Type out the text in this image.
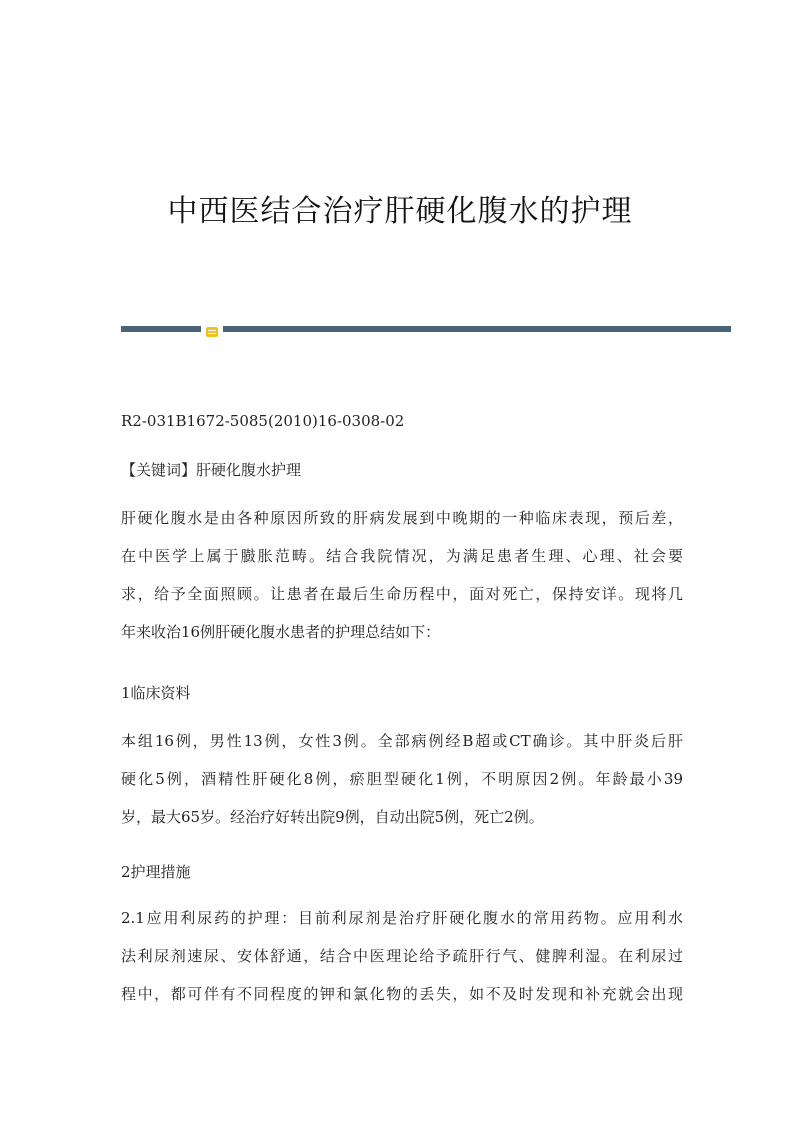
中西医结合治疗肝硬化腹水的护理
R2-031B1672-5085(2010)16-0308-02
【关键词】肝硬化腹水护理
肝硬化腹水是由各种原因所致的肝病发展到中晚期的一种临床表现，预后差，
在中医学上属于臌胀范畴。结合我院情况，为满足患者生理、心理、社会要
求，给予全面照顾。让患者在最后生命历程中，面对死亡，保持安详。现将几
年来收治16例肝硬化腹水患者的护理总结如下：
1临床资料
本组16例，男性13例，女性3例。全部病例经B超或CT确诊。其中肝炎后肝
硬化5例，酒精性肝硬化8例，瘀胆型硬化1例，不明原因2例。年龄最小39
岁，最大65岁。经治疗好转出院9例，自动出院5例，死亡2例。
2护理措施
2.1应用利尿药的护理：目前利尿剂是治疗肝硬化腹水的常用药物。应用利水
法利尿剂速尿、安体舒通，结合中医理论给予疏肝行气、健脾利湿。在利尿过
程中，都可伴有不同程度的钾和氯化物的丢失，如不及时发现和补充就会出现
